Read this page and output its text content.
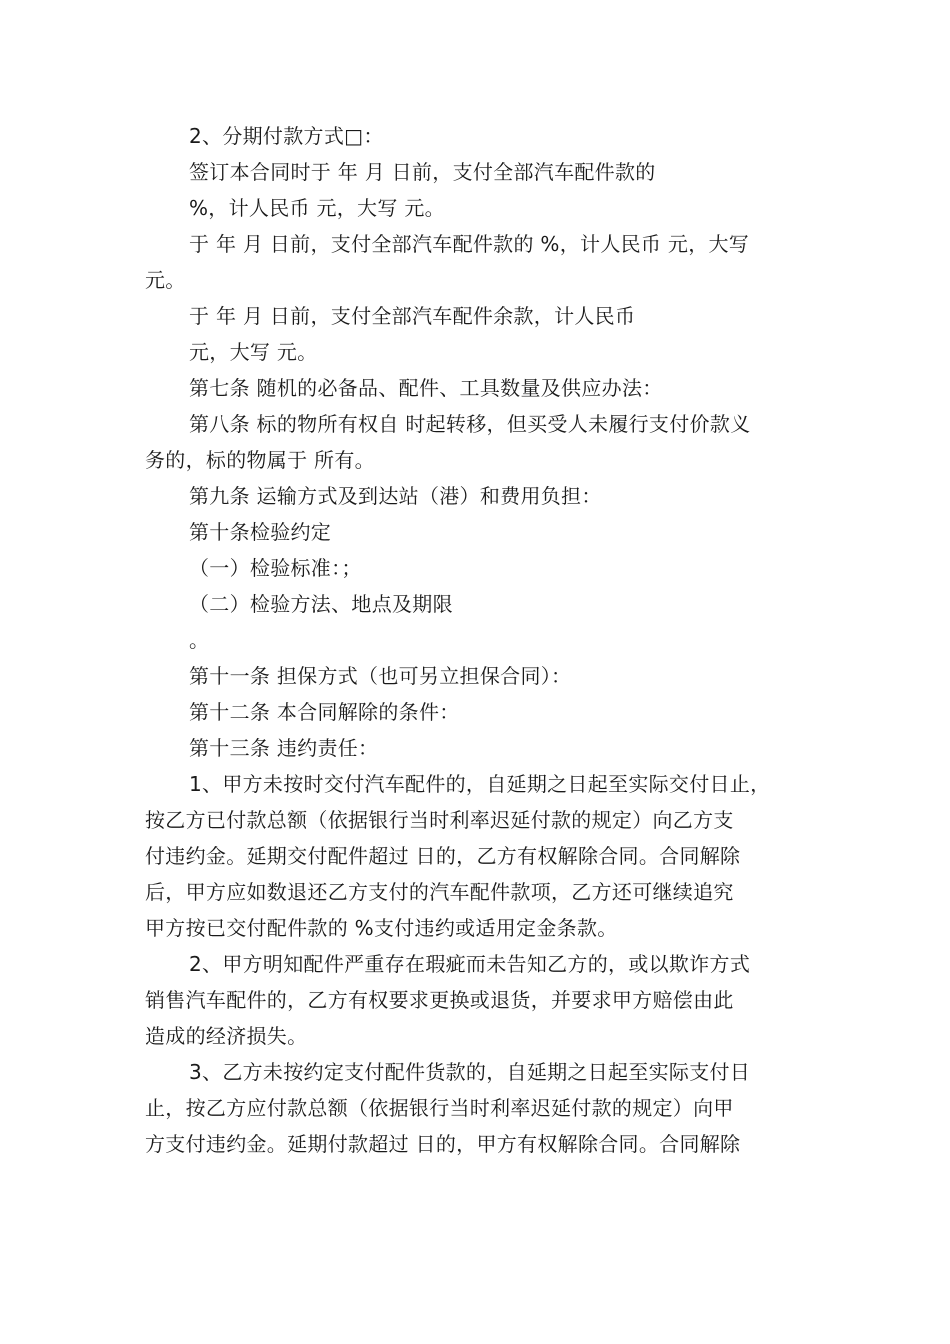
2、分期付款方式□：
签订本合同时于 年 月 日前，支付全部汽车配件款的
%，计人民币 元，大写 元。
于 年 月 日前，支付全部汽车配件款的 %，计人民币 元，大写
元。
于 年 月 日前，支付全部汽车配件余款，计人民币
元，大写 元。
第七条 随机的必备品、配件、工具数量及供应办法：
第八条 标的物所有权自 时起转移，但买受人未履行支付价款义
务的，标的物属于 所有。
第九条 运输方式及到达站（港）和费用负担：
第十条检验约定
（一）检验标准：；
（二）检验方法、地点及期限
。
第十一条 担保方式（也可另立担保合同）：
第十二条 本合同解除的条件：
第十三条 违约责任：
1、甲方未按时交付汽车配件的，自延期之日起至实际交付日止，
按乙方已付款总额（依据银行当时利率迟延付款的规定）向乙方支
付违约金。延期交付配件超过 日的，乙方有权解除合同。合同解除
后，甲方应如数退还乙方支付的汽车配件款项，乙方还可继续追究
甲方按已交付配件款的 %支付违约或适用定金条款。
2、甲方明知配件严重存在瑕疵而未告知乙方的，或以欺诈方式
销售汽车配件的，乙方有权要求更换或退货，并要求甲方赔偿由此
造成的经济损失。
3、乙方未按约定支付配件货款的，自延期之日起至实际支付日
止，按乙方应付款总额（依据银行当时利率迟延付款的规定）向甲
方支付违约金。延期付款超过 日的，甲方有权解除合同。合同解除
